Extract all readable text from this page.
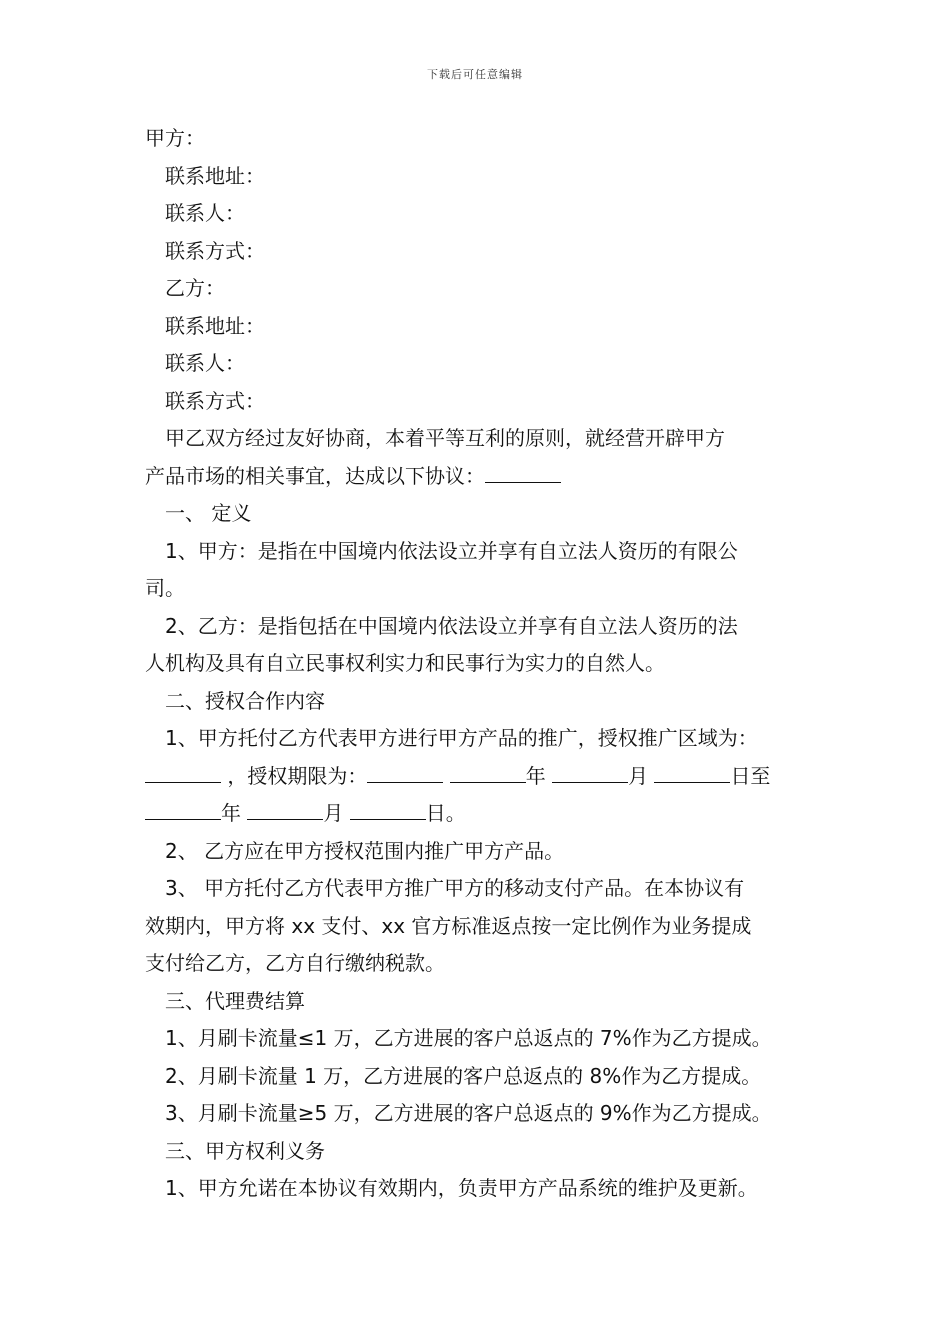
下载后可任意编辑

甲方：

联系地址：

联系人：

联系方式：

乙方：

联系地址：

联系人：

联系方式：

甲乙双方经过友好协商，本着平等互利的原则，就经营开辟甲方

产品市场的相关事宜，达成以下协议：

一、 定义

1、甲方：是指在中国境内依法设立并享有自立法人资历的有限公

司。

2、乙方：是指包括在中国境内依法设立并享有自立法人资历的法

人机构及具有自立民事权利实力和民事行为实力的自然人。

二、授权合作内容

1、甲方托付乙方代表甲方进行甲方产品的推广，授权推广区域为：

，授权期限为：	年	月	日至

年	月	日。

2、 乙方应在甲方授权范围内推广甲方产品。

3、 甲方托付乙方代表甲方推广甲方的移动支付产品。在本协议有

效期内，甲方将 xx 支付、xx 官方标准返点按一定比例作为业务提成

支付给乙方，乙方自行缴纳税款。

三、代理费结算

1、月刷卡流量≤1 万，乙方进展的客户总返点的 7%作为乙方提成。

2、月刷卡流量 1 万，乙方进展的客户总返点的 8%作为乙方提成。

3、月刷卡流量≥5 万，乙方进展的客户总返点的 9%作为乙方提成。

三、甲方权利义务

1、甲方允诺在本协议有效期内，负责甲方产品系统的维护及更新。
